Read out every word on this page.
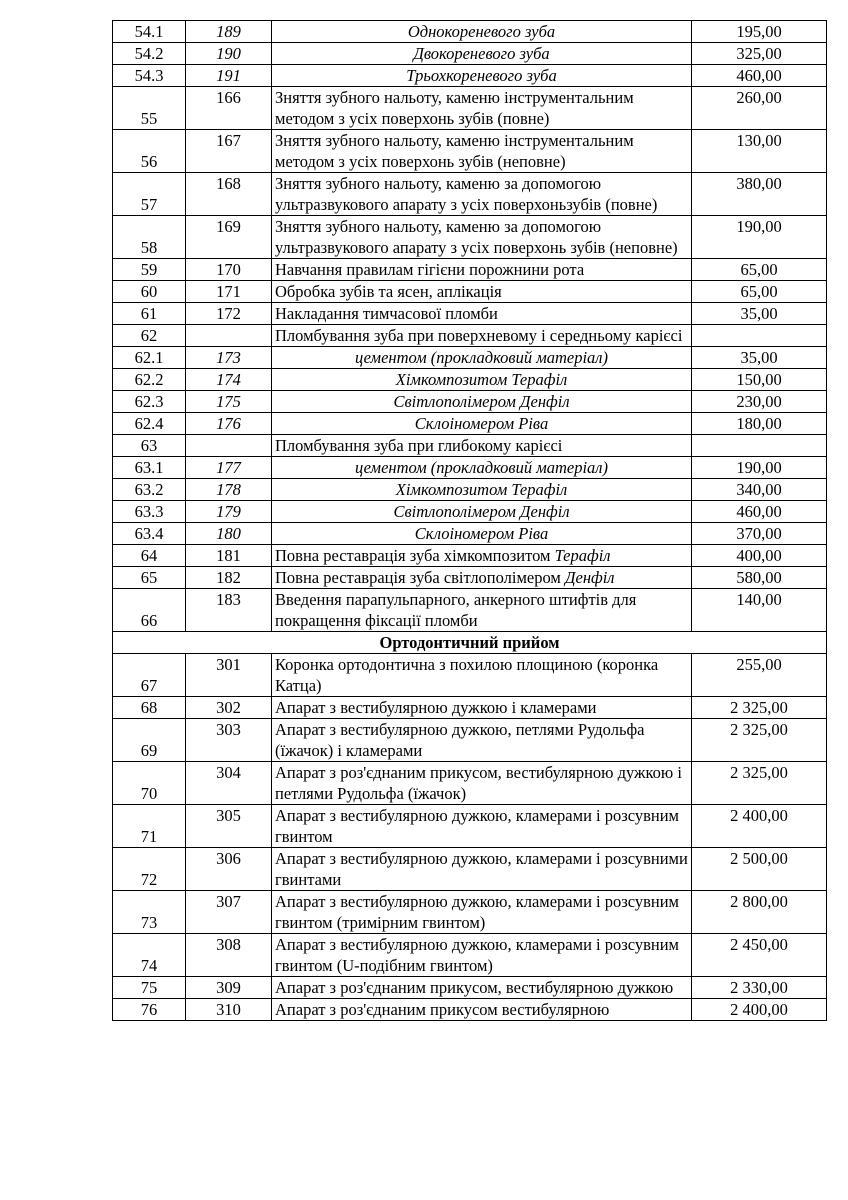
54.1	189	Однокореневого зуба	195,00
54.2	190	Двокореневого зуба	325,00
54.3	191	Трьохкореневого зуба	460,00
55	166	Зняття зубного нальоту, каменю інструментальним методом з усіх поверхонь зубів (повне)	260,00
56	167	Зняття зубного нальоту, каменю інструментальним методом з усіх поверхонь зубів (неповне)	130,00
57	168	Зняття зубного нальоту, каменю за допомогою ультразвукового апарату з усіх поверхоньзубів (повне)	380,00
58	169	Зняття зубного нальоту, каменю за допомогою ультразвукового апарату з усіх поверхонь зубів (неповне)	190,00
59	170	Навчання правилам гігієни порожнини рота	65,00
60	171	Обробка зубів та ясен, аплікація	65,00
61	172	Накладання тимчасової пломби	35,00
62		Пломбування зуба при поверхневому і середньому карієсі	
62.1	173	цементом (прокладковий матеріал)	35,00
62.2	174	Хімкомпозитом Терафіл	150,00
62.3	175	Світлополімером Денфіл	230,00
62.4	176	Склоіномером Ріва	180,00
63		Пломбування зуба при глибокому карієсі	
63.1	177	цементом (прокладковий матеріал)	190,00
63.2	178	Хімкомпозитом Терафіл	340,00
63.3	179	Світлополімером Денфіл	460,00
63.4	180	Склоіномером Ріва	370,00
64	181	Повна реставрація зуба хімкомпозитом Терафіл	400,00
65	182	Повна реставрація зуба світлополімером Денфіл	580,00
66	183	Введення парапульпарного, анкерного штифтів для покращення фіксації пломби	140,00
Ортодонтичний прийом			
67	301	Коронка ортодонтична з похилою площиною (коронка Катца)	255,00
68	302	Апарат з вестибулярною дужкою і кламерами	2 325,00
69	303	Апарат з вестибулярною дужкою, петлями Рудольфа (їжачок) і кламерами	2 325,00
70	304	Апарат з роз'єднаним прикусом, вестибулярною дужкою і петлями Рудольфа (їжачок)	2 325,00
71	305	Апарат з вестибулярною дужкою, кламерами і розсувним гвинтом	2 400,00
72	306	Апарат з вестибулярною дужкою, кламерами і розсувними гвинтами	2 500,00
73	307	Апарат з вестибулярною дужкою, кламерами і розсувним гвинтом (тримірним гвинтом)	2 800,00
74	308	Апарат з вестибулярною дужкою, кламерами і розсувним гвинтом (U-подібним гвинтом)	2 450,00
75	309	Апарат з роз'єднаним прикусом, вестибулярною дужкою	2 330,00
76	310	Апарат з роз'єднаним прикусом вестибулярною	2 400,00
